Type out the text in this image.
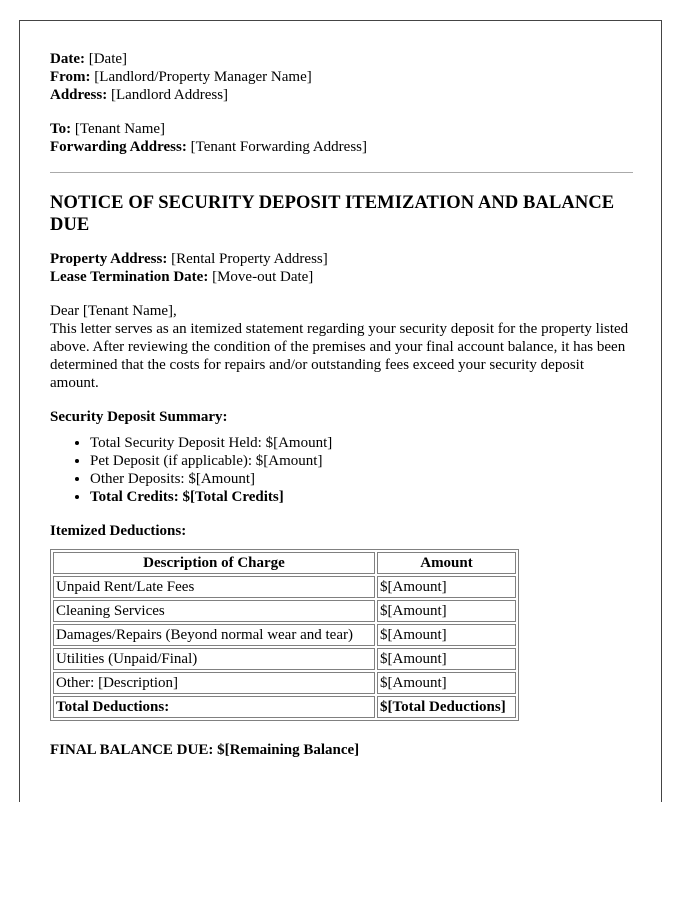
Date: [Date]

From: [Landlord/Property Manager Name]

Address: [Landlord Address]

To: [Tenant Name]

Forwarding Address: [Tenant Forwarding Address]

NOTICE OF SECURITY DEPOSIT ITEMIZATION AND BALANCE DUE

Property Address: [Rental Property Address]

Lease Termination Date: [Move-out Date]

Dear [Tenant Name],

This letter serves as an itemized statement regarding your security deposit for the property listed above. After reviewing the condition of the premises and your final account balance, it has been determined that the costs for repairs and/or outstanding fees exceed your security deposit amount.

Security Deposit Summary:

• Total Security Deposit Held: $[Amount]
• Pet Deposit (if applicable): $[Amount]
• Other Deposits: $[Amount]
• Total Credits: $[Total Credits]

Itemized Deductions:

Description of Charge	Amount
Unpaid Rent/Late Fees	$[Amount]
Cleaning Services	$[Amount]
Damages/Repairs (Beyond normal wear and tear)	$[Amount]
Utilities (Unpaid/Final)	$[Amount]
Other: [Description]	$[Amount]
Total Deductions:	$[Total Deductions]

FINAL BALANCE DUE: $[Remaining Balance]
